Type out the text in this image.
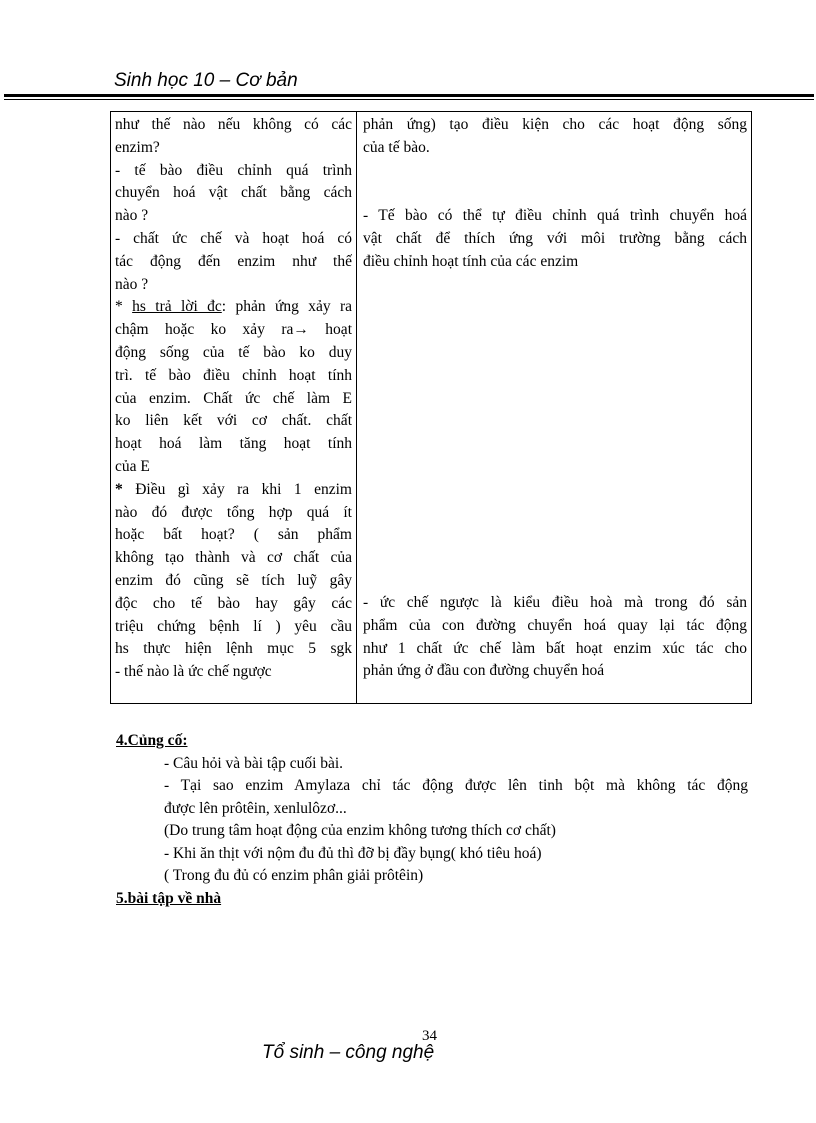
Sinh học 10 – Cơ bản
như thế nào nếu không có các
enzim?
- tế bào điều chỉnh quá trình
chuyển hoá vật chất bằng cách
nào ?
- chất ức chế và hoạt hoá có
tác động đến enzim như thế
nào ?
* hs trả lời đc: phản ứng xảy ra
chậm hoặc ko xảy ra→ hoạt
động sống của tế bào ko duy
trì. tế bào điều chỉnh hoạt tính
của enzim. Chất ức chế làm E
ko liên kết với cơ chất. chất
hoạt hoá làm tăng hoạt tính
của E
* Điều gì xảy ra khi 1 enzim
nào đó được tổng hợp quá ít
hoặc bất hoạt? ( sản phẩm
không tạo thành và cơ chất của
enzim đó cũng sẽ tích luỹ gây
độc cho tế bào hay gây các
triệu chứng bệnh lí ) yêu cầu
hs thực hiện lệnh mục 5 sgk
- thế nào là ức chế ngược
phản ứng) tạo điều kiện cho các hoạt động sống
của tế bào.
- Tế bào có thể tự điều chỉnh quá trình chuyển hoá
vật chất để thích ứng với môi trường bằng cách
điều chỉnh hoạt tính của các enzim
- ức chế ngược là kiểu điều hoà mà trong đó sản
phẩm của con đường chuyển hoá quay lại tác động
như 1 chất ức chế làm bất hoạt enzim xúc tác cho
phản ứng ở đầu con đường chuyển hoá
4.Củng cố:
- Câu hỏi và bài tập cuối bài.
- Tại sao enzim Amylaza chỉ tác động được lên tinh bột mà không tác động
được lên prôtêin, xenlulôzơ...
(Do trung tâm hoạt động của enzim không tương thích cơ chất)
- Khi ăn thịt với nộm đu đủ thì đỡ bị đầy bụng( khó tiêu hoá)
( Trong đu đủ có enzim phân giải prôtêin)
5.bài tập về nhà
34
Tổ sinh – công nghệ
